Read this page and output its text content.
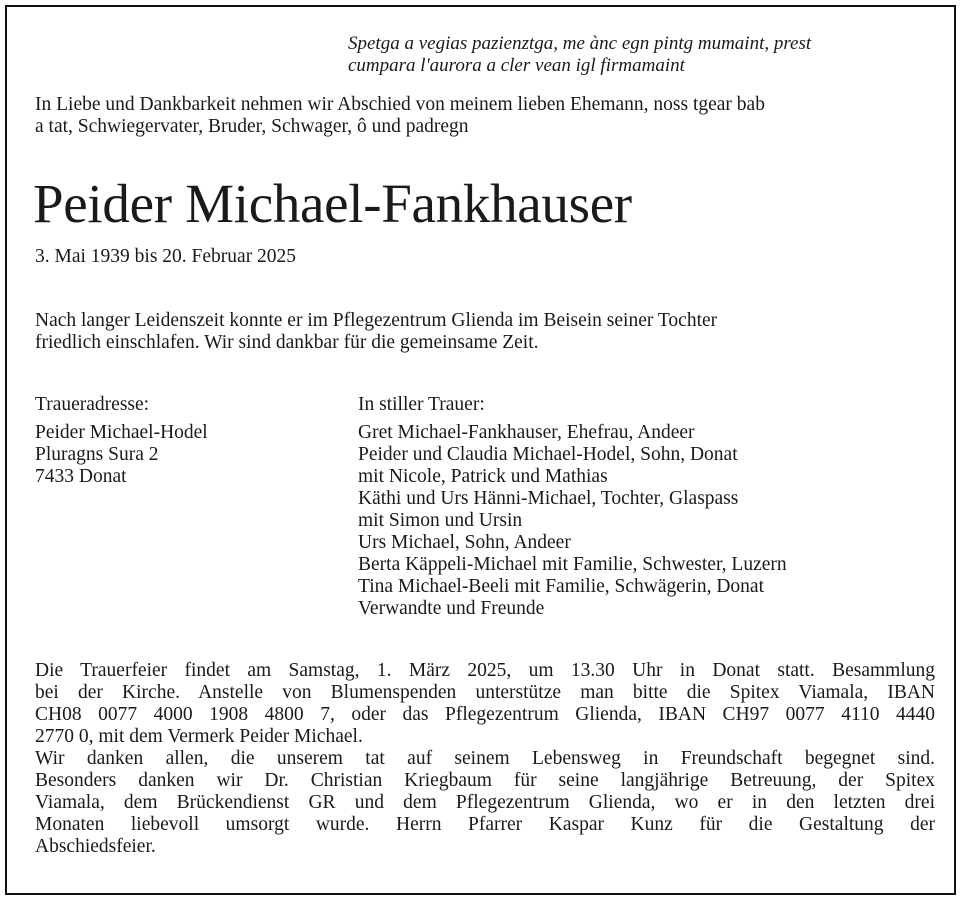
Spetga a vegias pazienztga, me ànc egn pintg mumaint, prest
cumpara l'aurora a cler vean igl firmamaint
In Liebe und Dankbarkeit nehmen wir Abschied von meinem lieben Ehemann, noss tgear bab
a tat, Schwiegervater, Bruder, Schwager, ô und padregn
Peider Michael-Fankhauser
3. Mai 1939 bis 20. Februar 2025
Nach langer Leidenszeit konnte er im Pflegezentrum Glienda im Beisein seiner Tochter
friedlich einschlafen. Wir sind dankbar für die gemeinsame Zeit.
Traueradresse:
Peider Michael-Hodel
Pluragns Sura 2
7433 Donat
In stiller Trauer:
Gret Michael-Fankhauser, Ehefrau, Andeer
Peider und Claudia Michael-Hodel, Sohn, Donat
mit Nicole, Patrick und Mathias
Käthi und Urs Hänni-Michael, Tochter, Glaspass
mit Simon und Ursin
Urs Michael, Sohn, Andeer
Berta Käppeli-Michael mit Familie, Schwester, Luzern
Tina Michael-Beeli mit Familie, Schwägerin, Donat
Verwandte und Freunde
Die Trauerfeier findet am Samstag, 1. März 2025, um 13.30 Uhr in Donat statt. Besammlung
bei der Kirche. Anstelle von Blumenspenden unterstütze man bitte die Spitex Viamala, IBAN
CH08 0077 4000 1908 4800 7, oder das Pflegezentrum Glienda, IBAN CH97 0077 4110 4440
2770 0, mit dem Vermerk Peider Michael.
Wir danken allen, die unserem tat auf seinem Lebensweg in Freundschaft begegnet sind.
Besonders danken wir Dr. Christian Kriegbaum für seine langjährige Betreuung, der Spitex
Viamala, dem Brückendienst GR und dem Pflegezentrum Glienda, wo er in den letzten drei
Monaten liebevoll umsorgt wurde. Herrn Pfarrer Kaspar Kunz für die Gestaltung der
Abschiedsfeier.
